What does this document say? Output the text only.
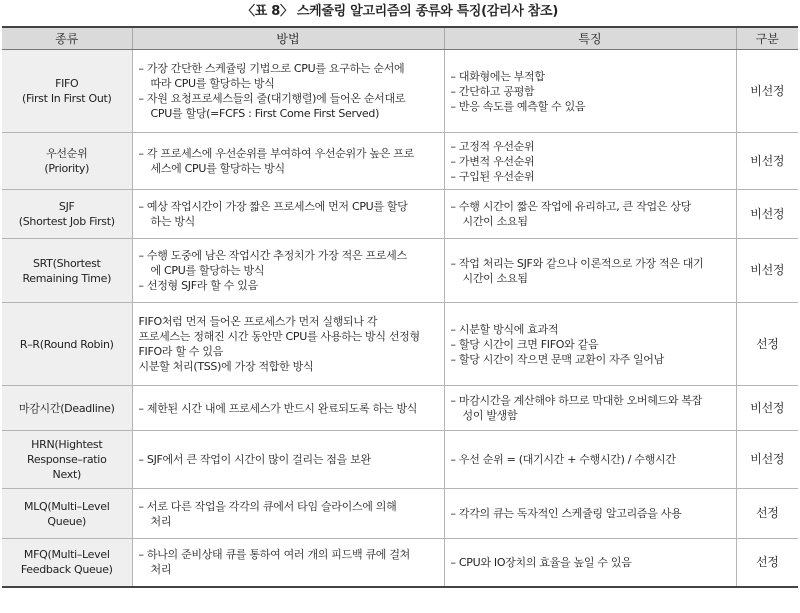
〈표 8〉 스케줄링 알고리즘의 종류와 특징(감리사 참조)
종류	방법	특징	구분

FIFO
(First In First Out)	– 가장 간단한 스케쥴링 기법으로 CPU를 요구하는 순서에
따라 CPU를 할당하는 방식
– 자원 요청프로세스들의 줄(대기행렬)에 들어온 순서대로
CPU를 할당(=FCFS : First Come First Served)	– 대화형에는 부적합
– 간단하고 공평함
– 반응 속도를 예측할 수 있음	비선정

우선순위
(Priority)	– 각 프로세스에 우선순위를 부여하여 우선순위가 높은 프로
세스에 CPU를 할당하는 방식	– 고정적 우선순위
– 가변적 우선순위
– 구입된 우선순위	비선정

SJF
(Shortest Job First)	– 예상 작업시간이 가장 짧은 프로세스에 먼저 CPU를 할당
하는 방식	– 수행 시간이 짧은 작업에 유리하고, 큰 작업은 상당
시간이 소요됨	비선정

SRT(Shortest
Remaining Time)	– 수행 도중에 남은 작업시간 추정치가 가장 적은 프로세스
에 CPU를 할당하는 방식
– 선정형 SJF라 할 수 있음	– 작업 처리는 SJF와 같으나 이론적으로 가장 적은 대기
시간이 소요됨	비선정

R–R(Round Robin)	FIFO처럼 먼저 들어온 프로세스가 먼저 실행되나 각
프로세스는 정해진 시간 동안만 CPU를 사용하는 방식 선정형
FIFO라 할 수 있음
시분할 처리(TSS)에 가장 적합한 방식	– 시분할 방식에 효과적
– 할당 시간이 크면 FIFO와 같음
– 할당 시간이 작으면 문맥 교환이 자주 일어남	선정

마감시간(Deadline)	– 제한된 시간 내에 프로세스가 반드시 완료되도록 하는 방식	– 마감시간을 계산해야 하므로 막대한 오버헤드와 복잡
성이 발생함	비선정

HRN(Hightest
Response–ratio
Next)	– SJF에서 큰 작업이 시간이 많이 걸리는 점을 보완	– 우선 순위 = (대기시간 + 수행시간) / 수행시간	비선정

MLQ(Multi–Level
Queue)	– 서로 다른 작업을 각각의 큐에서 타임 슬라이스에 의해
처리	– 각각의 큐는 독자적인 스케쥴링 알고리즘을 사용	선정

MFQ(Multi–Level
Feedback Queue)	– 하나의 준비상태 큐를 통하여 여러 개의 피드백 큐에 걸쳐
처리	– CPU와 IO장치의 효율을 높일 수 있음	선정
